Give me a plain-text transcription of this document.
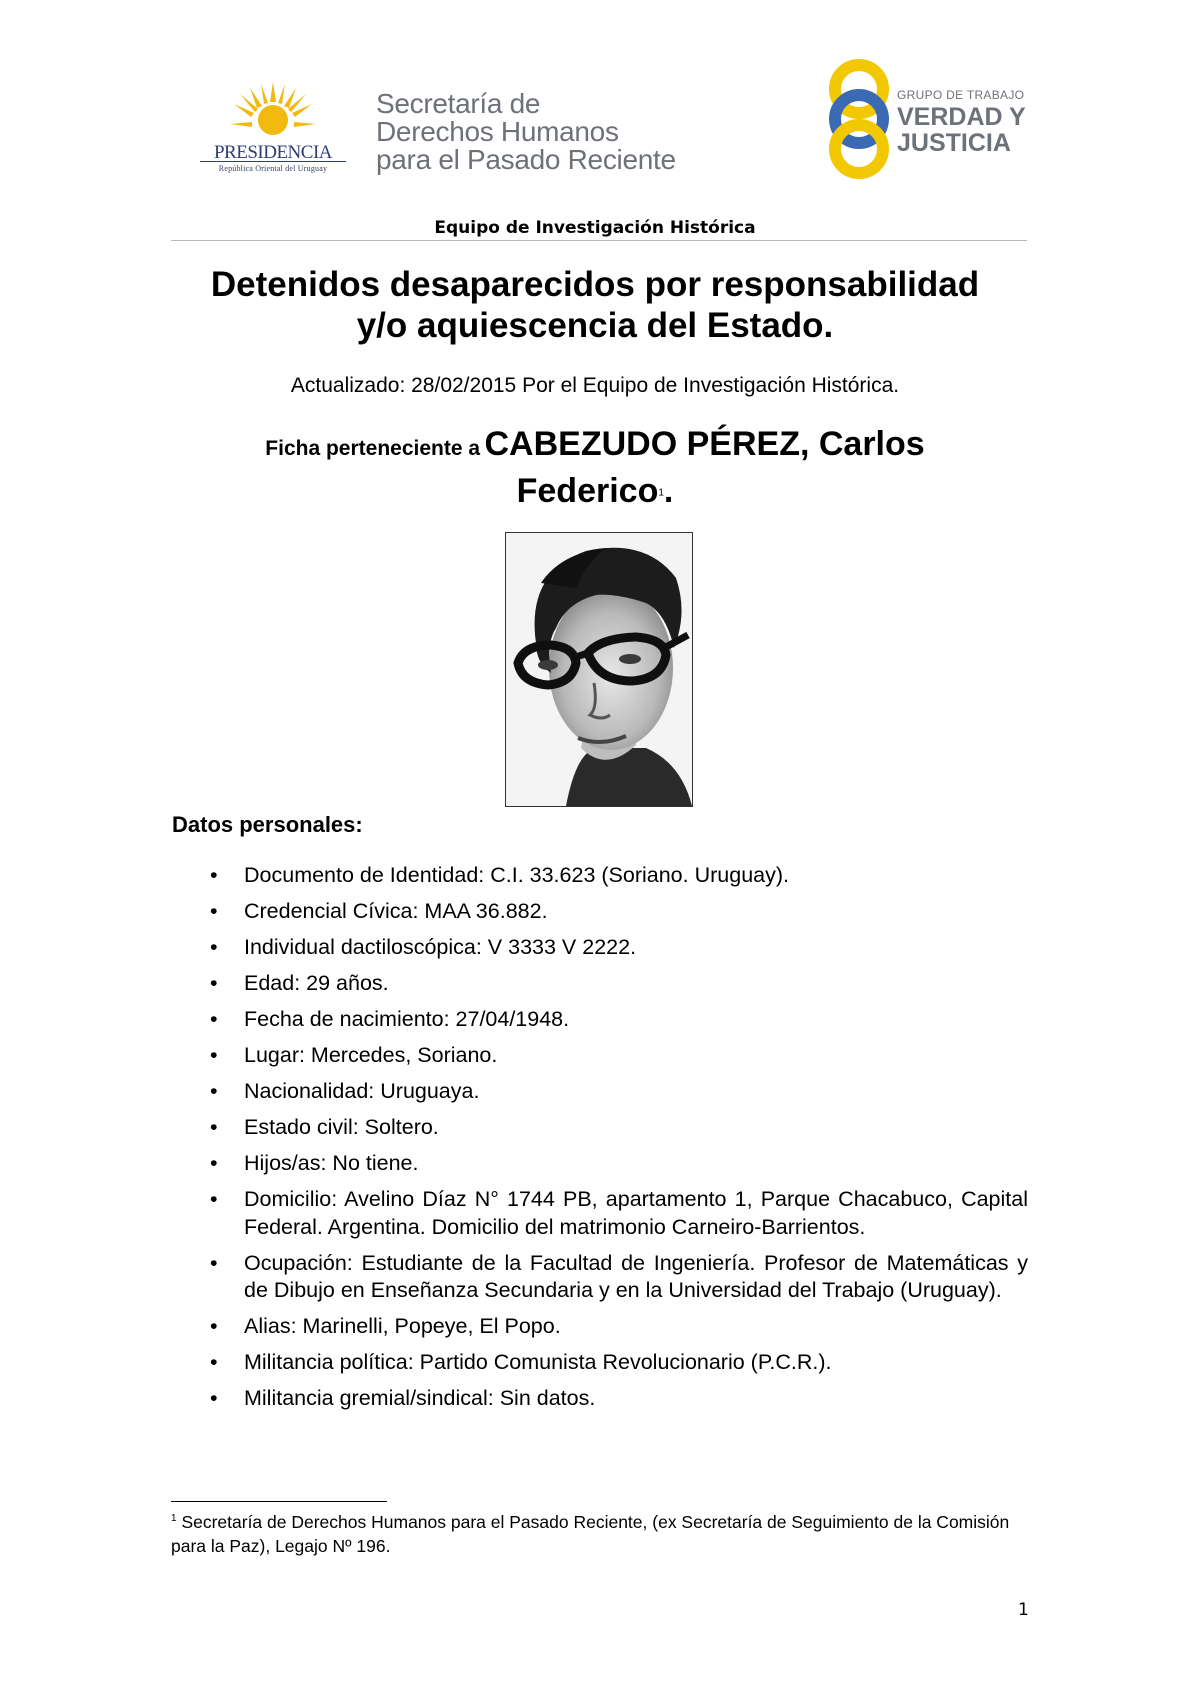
PRESIDENCIA
República Oriental del Uruguay
Secretaría de
Derechos Humanos
para el Pasado Reciente
GRUPO DE TRABAJO
VERDAD Y
JUSTICIA
Equipo de Investigación Histórica
Detenidos desaparecidos por responsabilidad
y/o aquiescencia del Estado.
Actualizado: 28/02/2015 Por el Equipo de Investigación Histórica.
Ficha perteneciente a CABEZUDO PÉREZ, Carlos
Federico$^1$.
Datos personales:
• Documento de Identidad: C.I. 33.623 (Soriano. Uruguay).
• Credencial Cívica: MAA 36.882.
• Individual dactiloscópica: V 3333 V 2222.
• Edad: 29 años.
• Fecha de nacimiento: 27/04/1948.
• Lugar: Mercedes, Soriano.
• Nacionalidad: Uruguaya.
• Estado civil: Soltero.
• Hijos/as: No tiene.
• Domicilio: Avelino Díaz N° 1744 PB, apartamento 1, Parque Chacabuco, Capital Federal. Argentina. Domicilio del matrimonio Carneiro-Barrientos.
• Ocupación: Estudiante de la Facultad de Ingeniería. Profesor de Matemáticas y de Dibujo en Enseñanza Secundaria y en la Universidad del Trabajo (Uruguay).
• Alias: Marinelli, Popeye, El Popo.
• Militancia política: Partido Comunista Revolucionario (P.C.R.).
• Militancia gremial/sindical: Sin datos.
$^1$ Secretaría de Derechos Humanos para el Pasado Reciente, (ex Secretaría de Seguimiento de la Comisión para la Paz), Legajo Nº 196.
1
